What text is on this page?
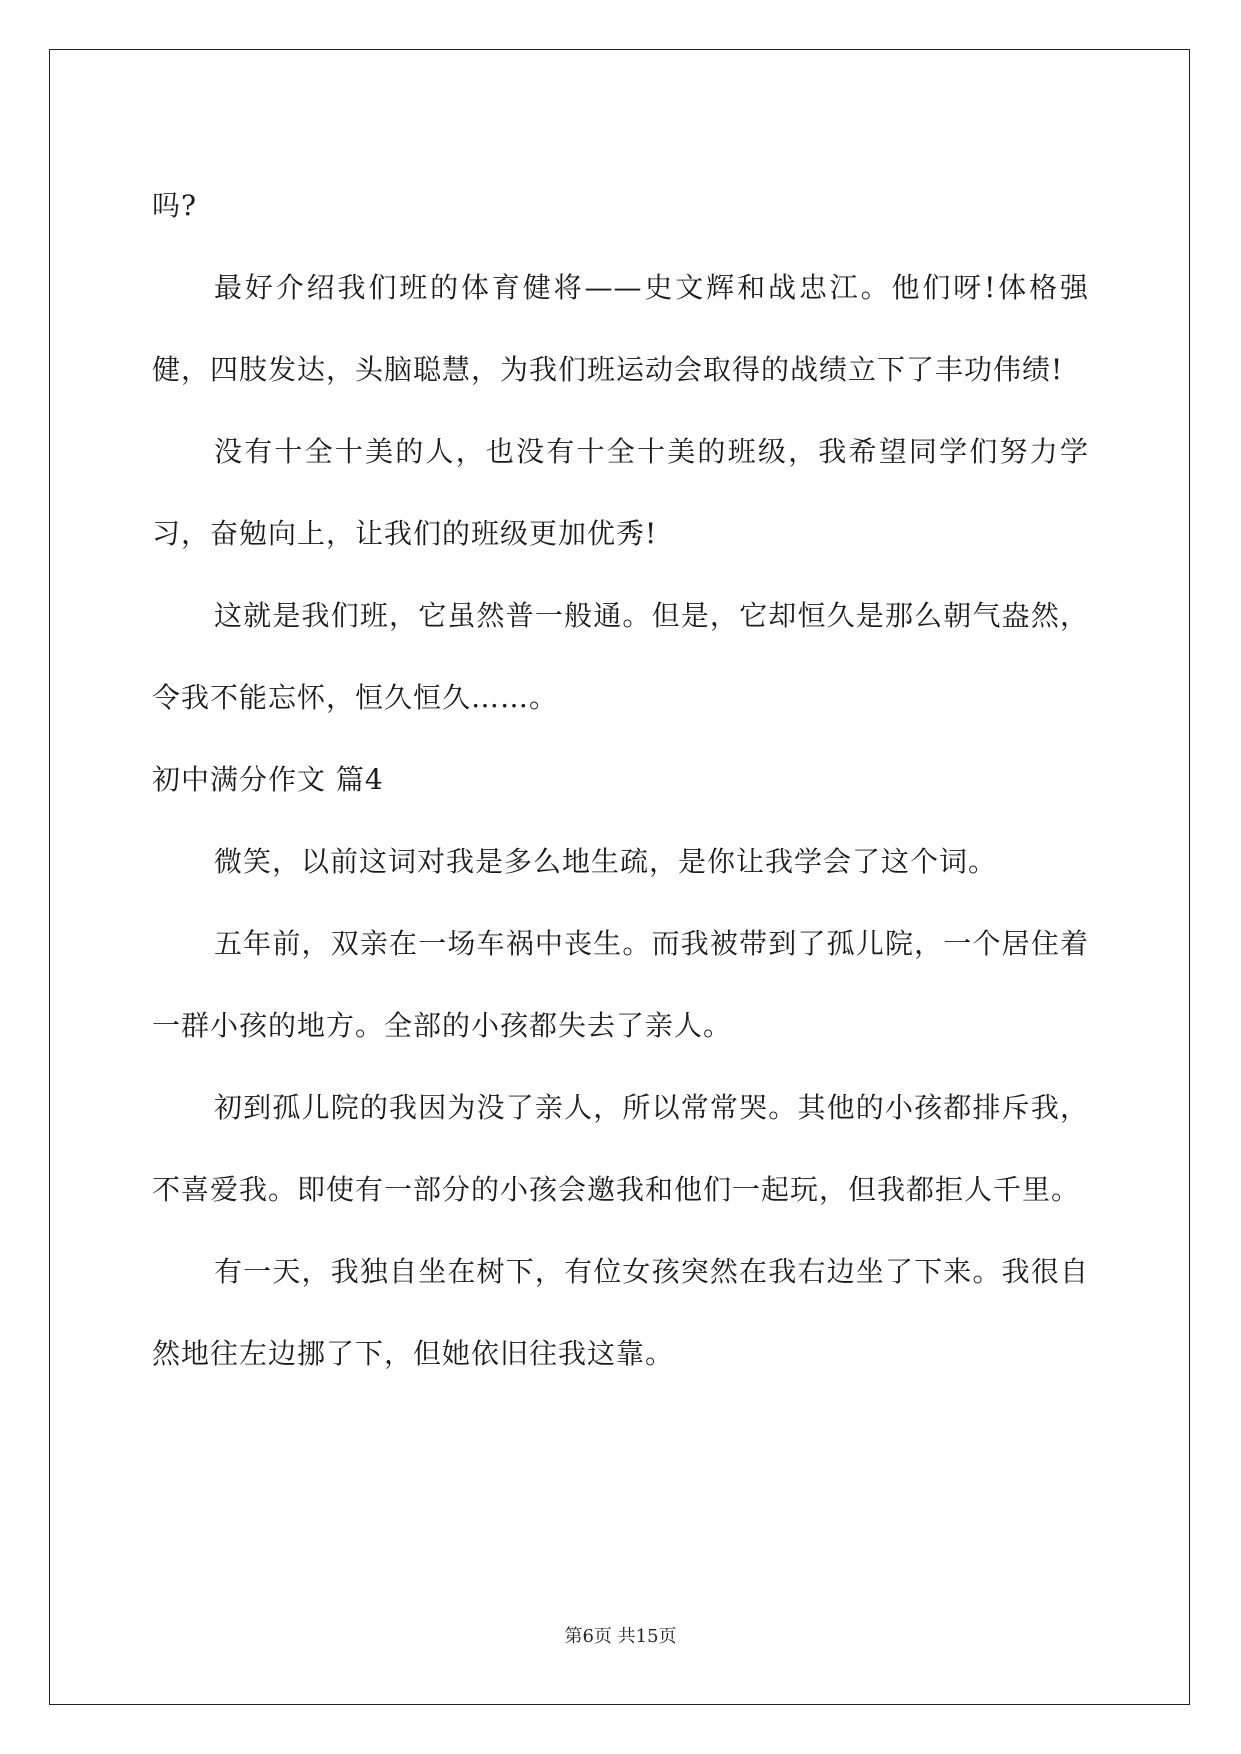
吗?

最好介绍我们班的体育健将——史文辉和战忠江。他们呀!体格强健，四肢发达，头脑聪慧，为我们班运动会取得的战绩立下了丰功伟绩!

没有十全十美的人，也没有十全十美的班级，我希望同学们努力学习，奋勉向上，让我们的班级更加优秀!

这就是我们班，它虽然普一般通。但是，它却恒久是那么朝气盎然，令我不能忘怀，恒久恒久……。

初中满分作文 篇4

微笑，以前这词对我是多么地生疏，是你让我学会了这个词。

五年前，双亲在一场车祸中丧生。而我被带到了孤儿院，一个居住着一群小孩的地方。全部的小孩都失去了亲人。

初到孤儿院的我因为没了亲人，所以常常哭。其他的小孩都排斥我，不喜爱我。即使有一部分的小孩会邀我和他们一起玩，但我都拒人千里。

有一天，我独自坐在树下，有位女孩突然在我右边坐了下来。我很自然地往左边挪了下，但她依旧往我这靠。

第6页 共15页
